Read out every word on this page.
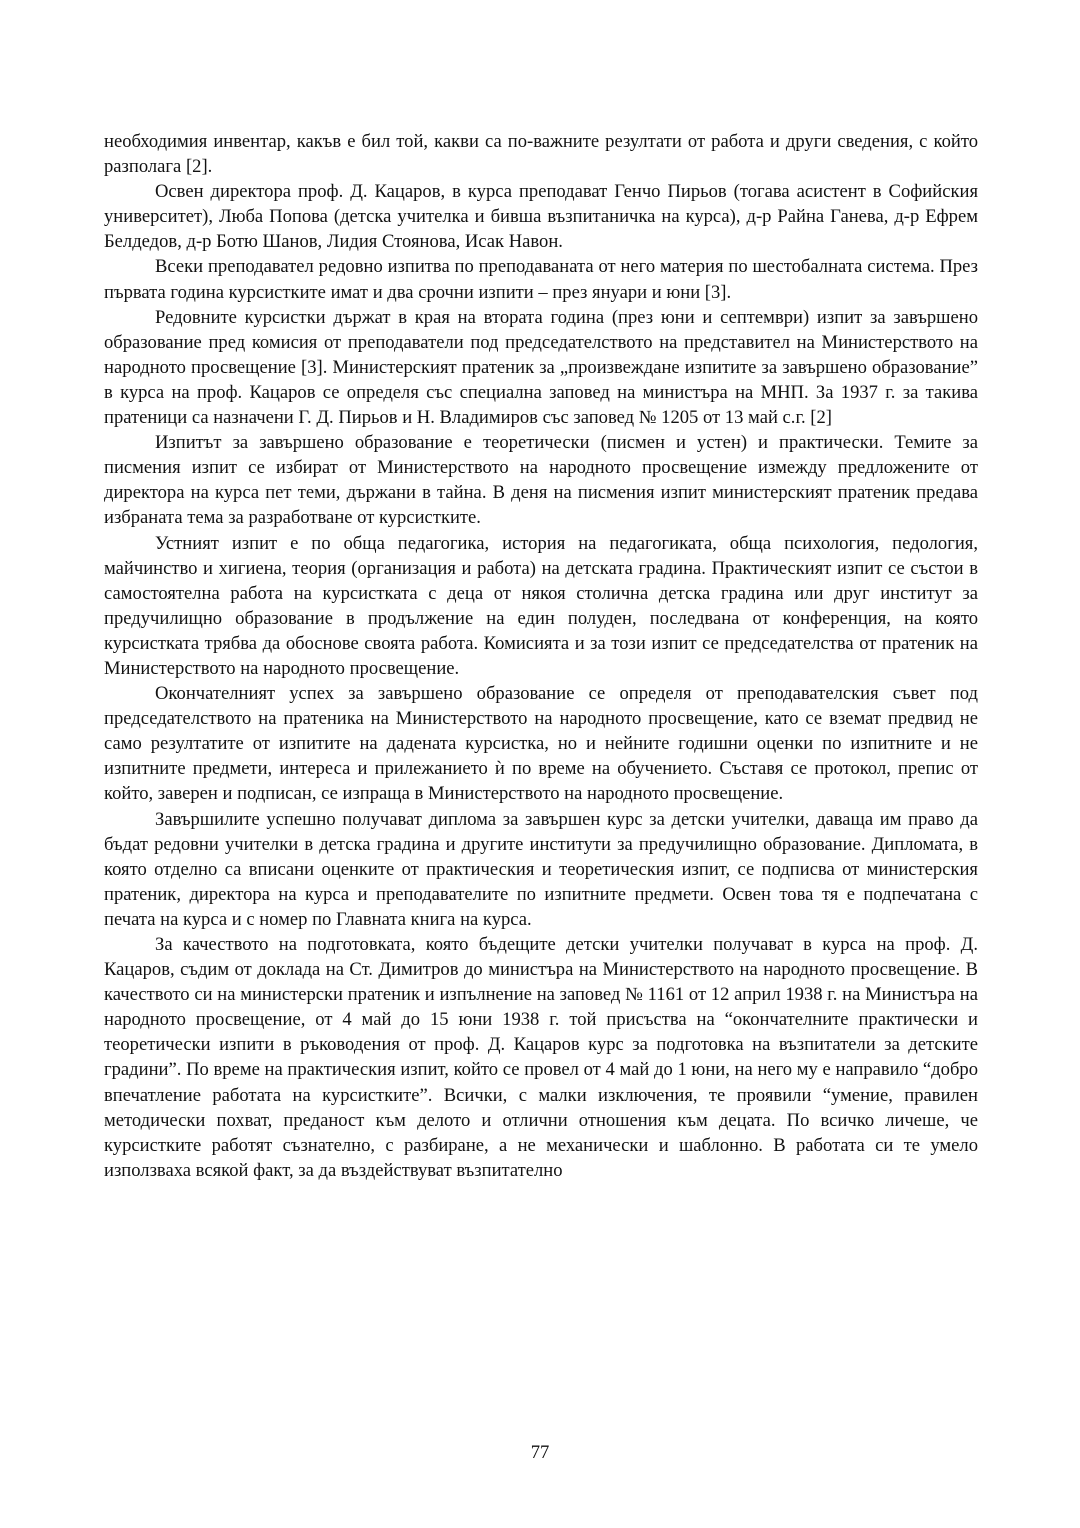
необходимия инвентар, какъв е бил той, какви са по-важните резултати от работа и други сведения, с който разполага [2].

Освен директора проф. Д. Кацаров, в курса преподават Генчо Пирьов (тогава асистент в Софийския университет), Люба Попова (детска учителка и бивша възпитаничка на курса), д-р Райна Ганева, д-р Ефрем Белдедов, д-р Ботю Шанов, Лидия Стоянова, Исак Навон.

Всеки преподавател редовно изпитва по преподаваната от него материя по шестобалната система. През първата година курсистките имат и два срочни изпити – през януари и юни [3].

Редовните курсистки държат в края на втората година (през юни и септември) изпит за завършено образование пред комисия от преподаватели под председателството на представител на Министерството на народното просвещение [3]. Министерският пратеник за „произвеждане изпитите за завършено образование” в курса на проф. Кацаров се определя със специална заповед на министъра на МНП. За 1937 г. за такива пратеници са назначени Г. Д. Пирьов и Н. Владимиров със заповед № 1205 от 13 май с.г. [2]

Изпитът за завършено образование е теоретически (писмен и устен) и практически. Темите за писмения изпит се избират от Министерството на народното просвещение измежду предложените от директора на курса пет теми, държани в тайна. В деня на писмения изпит министерският пратеник предава избраната тема за разработване от курсистките.

Устният изпит е по обща педагогика, история на педагогиката, обща психология, педология, майчинство и хигиена, теория (организация и работа) на детската градина. Практическият изпит се състои в самостоятелна работа на курсистката с деца от някоя столична детска градина или друг институт за предучилищно образование в продължение на един полуден, последвана от конференция, на която курсистката трябва да обоснове своята работа. Комисията и за този изпит се председателства от пратеник на Министерството на народното просвещение.

Окончателният успех за завършено образование се определя от преподавателския съвет под председателството на пратеника на Министерството на народното просвещение, като се вземат предвид не само резултатите от изпитите на дадената курсистка, но и нейните годишни оценки по изпитните и не изпитните предмети, интереса и прилежанието ѝ по време на обучението. Съставя се протокол, препис от който, заверен и подписан, се изпраща в Министерството на народното просвещение.

Завършилите успешно получават диплома за завършен курс за детски учителки, даваща им право да бъдат редовни учителки в детска градина и другите институти за предучилищно образование. Дипломата, в която отделно са вписани оценките от практическия и теоретическия изпит, се подписва от министерския пратеник, директора на курса и преподавателите по изпитните предмети. Освен това тя е подпечатана с печата на курса и с номер по Главната книга на курса.

За качеството на подготовката, която бъдещите детски учителки получават в курса на проф. Д. Кацаров, съдим от доклада на Ст. Димитров до министъра на Министерството на народното просвещение. В качеството си на министерски пратеник и изпълнение на заповед № 1161 от 12 април 1938 г. на Министъра на народното просвещение, от 4 май до 15 юни 1938 г. той присъства на “окончателните практически и теоретически изпити в ръководения от проф. Д. Кацаров курс за подготовка на възпитатели за детските градини”. По време на практическия изпит, който се провел от 4 май до 1 юни, на него му е направило “добро впечатление работата на курсистките”. Всички, с малки изключения, те проявили “умение, правилен методически похват, преданост към делото и отлични отношения към децата. По всичко личеше, че курсистките работят съзнателно, с разбиране, а не механически и шаблонно. В работата си те умело използваха всякой факт, за да въздействуват възпитателно

77
